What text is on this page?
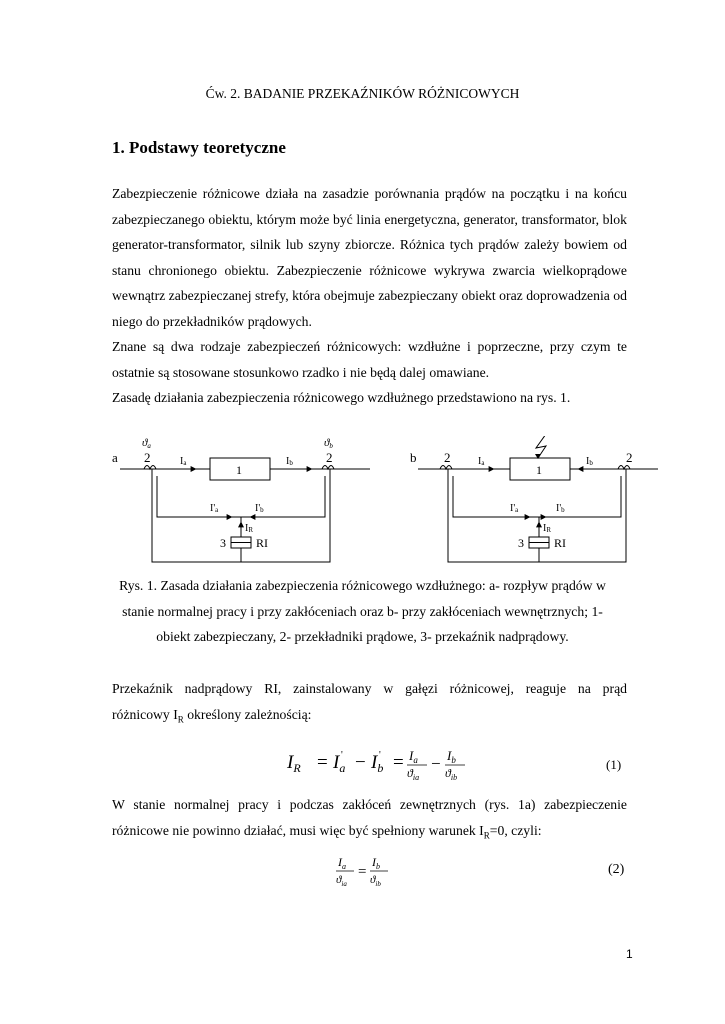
Ćw. 2. BADANIE PRZEKAŹNIKÓW RÓŻNICOWYCH
1. Podstawy teoretyczne
Zabezpieczenie różnicowe działa na zasadzie porównania prądów na początku i na końcu
zabezpieczanego obiektu, którym może być linia energetyczna, generator, transformator, blok
generator-transformator, silnik lub szyny zbiorcze. Różnica tych prądów zależy bowiem od
stanu chronionego obiektu. Zabezpieczenie różnicowe wykrywa zwarcia wielkoprądowe
wewnątrz zabezpieczanej strefy, która obejmuje zabezpieczany obiekt oraz doprowadzenia od
niego do przekładników prądowych.
Znane są dwa rodzaje zabezpieczeń różnicowych: wzdłużne i poprzeczne, przy czym te
ostatnie są stosowane stosunkowo rzadko i nie będą dalej omawiane.
Zasadę działania zabezpieczenia różnicowego wzdłużnego przedstawiono na rys. 1.
a 2
ϑa
2
ϑb
1
Ia	Ib
I'a	I'b
IR
3	RI
b 2	2
1
Ia	Ib
I'a	I'b
IR
3	RI
Rys. 1. Zasada działania zabezpieczenia różnicowego wzdłużnego: a- rozpływ prądów w
stanie normalnej pracy i przy zakłóceniach oraz b- przy zakłóceniach wewnętrznych; 1-
obiekt zabezpieczany, 2- przekładniki prądowe, 3- przekaźnik nadprądowy.
Przekaźnik nadprądowy RI, zainstalowany w gałęzi różnicowej, reaguje na prąd
różnicowy $I_R$ określony zależnością:
$I_R = I_a$
' − $I_b$
' = $I_a$
$ϑ_{ia}$
− $I_b$
$ϑ_{ib}$
(1)
W stanie normalnej pracy i podczas zakłóceń zewnętrznych (rys. 1a) zabezpieczenie
różnicowe nie powinno działać, musi więc być spełniony warunek $I_R=0$, czyli:
$I_a$
$ϑ_{ia}$
=
$I_b$
$ϑ_{ib}$
(2)
1
